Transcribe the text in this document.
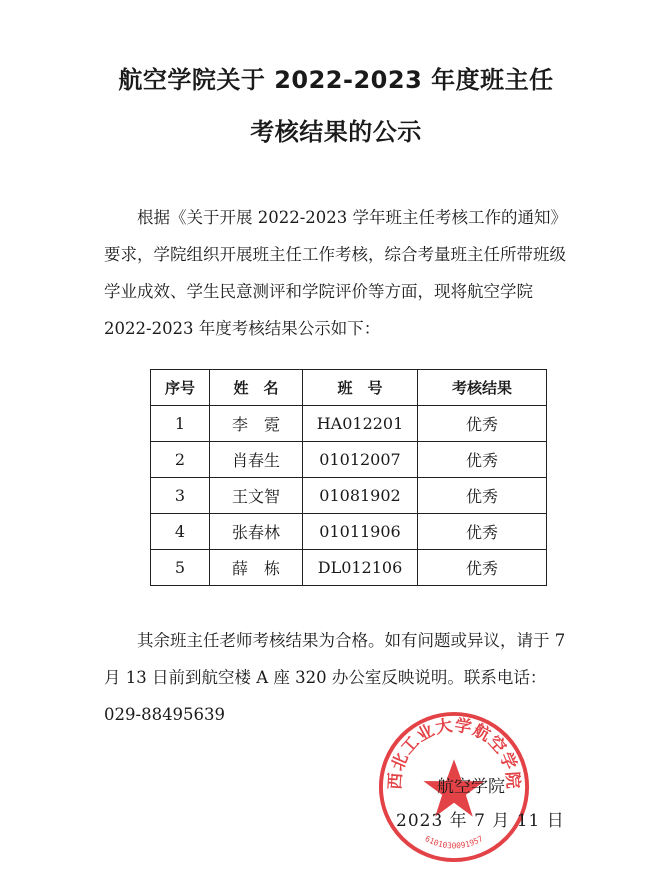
航空学院关于 2022-2023 年度班主任
考核结果的公示

根据《关于开展 2022-2023 学年班主任考核工作的通知》要求，学院组织开展班主任工作考核，综合考量班主任所带班级学业成效、学生民意测评和学院评价等方面，现将航空学院 2022-2023 年度考核结果公示如下：

序号	姓　名	班　号	考核结果
1	李　霓	HA012201	优秀
2	肖春生	01012007	优秀
3	王文智	01081902	优秀
4	张春林	01011906	优秀
5	薛　栋	DL012106	优秀

其余班主任老师考核结果为合格。如有问题或异议，请于 7 月 13 日前到航空楼 A 座 320 办公室反映说明。联系电话：029-88495639

西北工业大学航空学院
6101030091957
航空学院
2023 年 7 月 11 日
